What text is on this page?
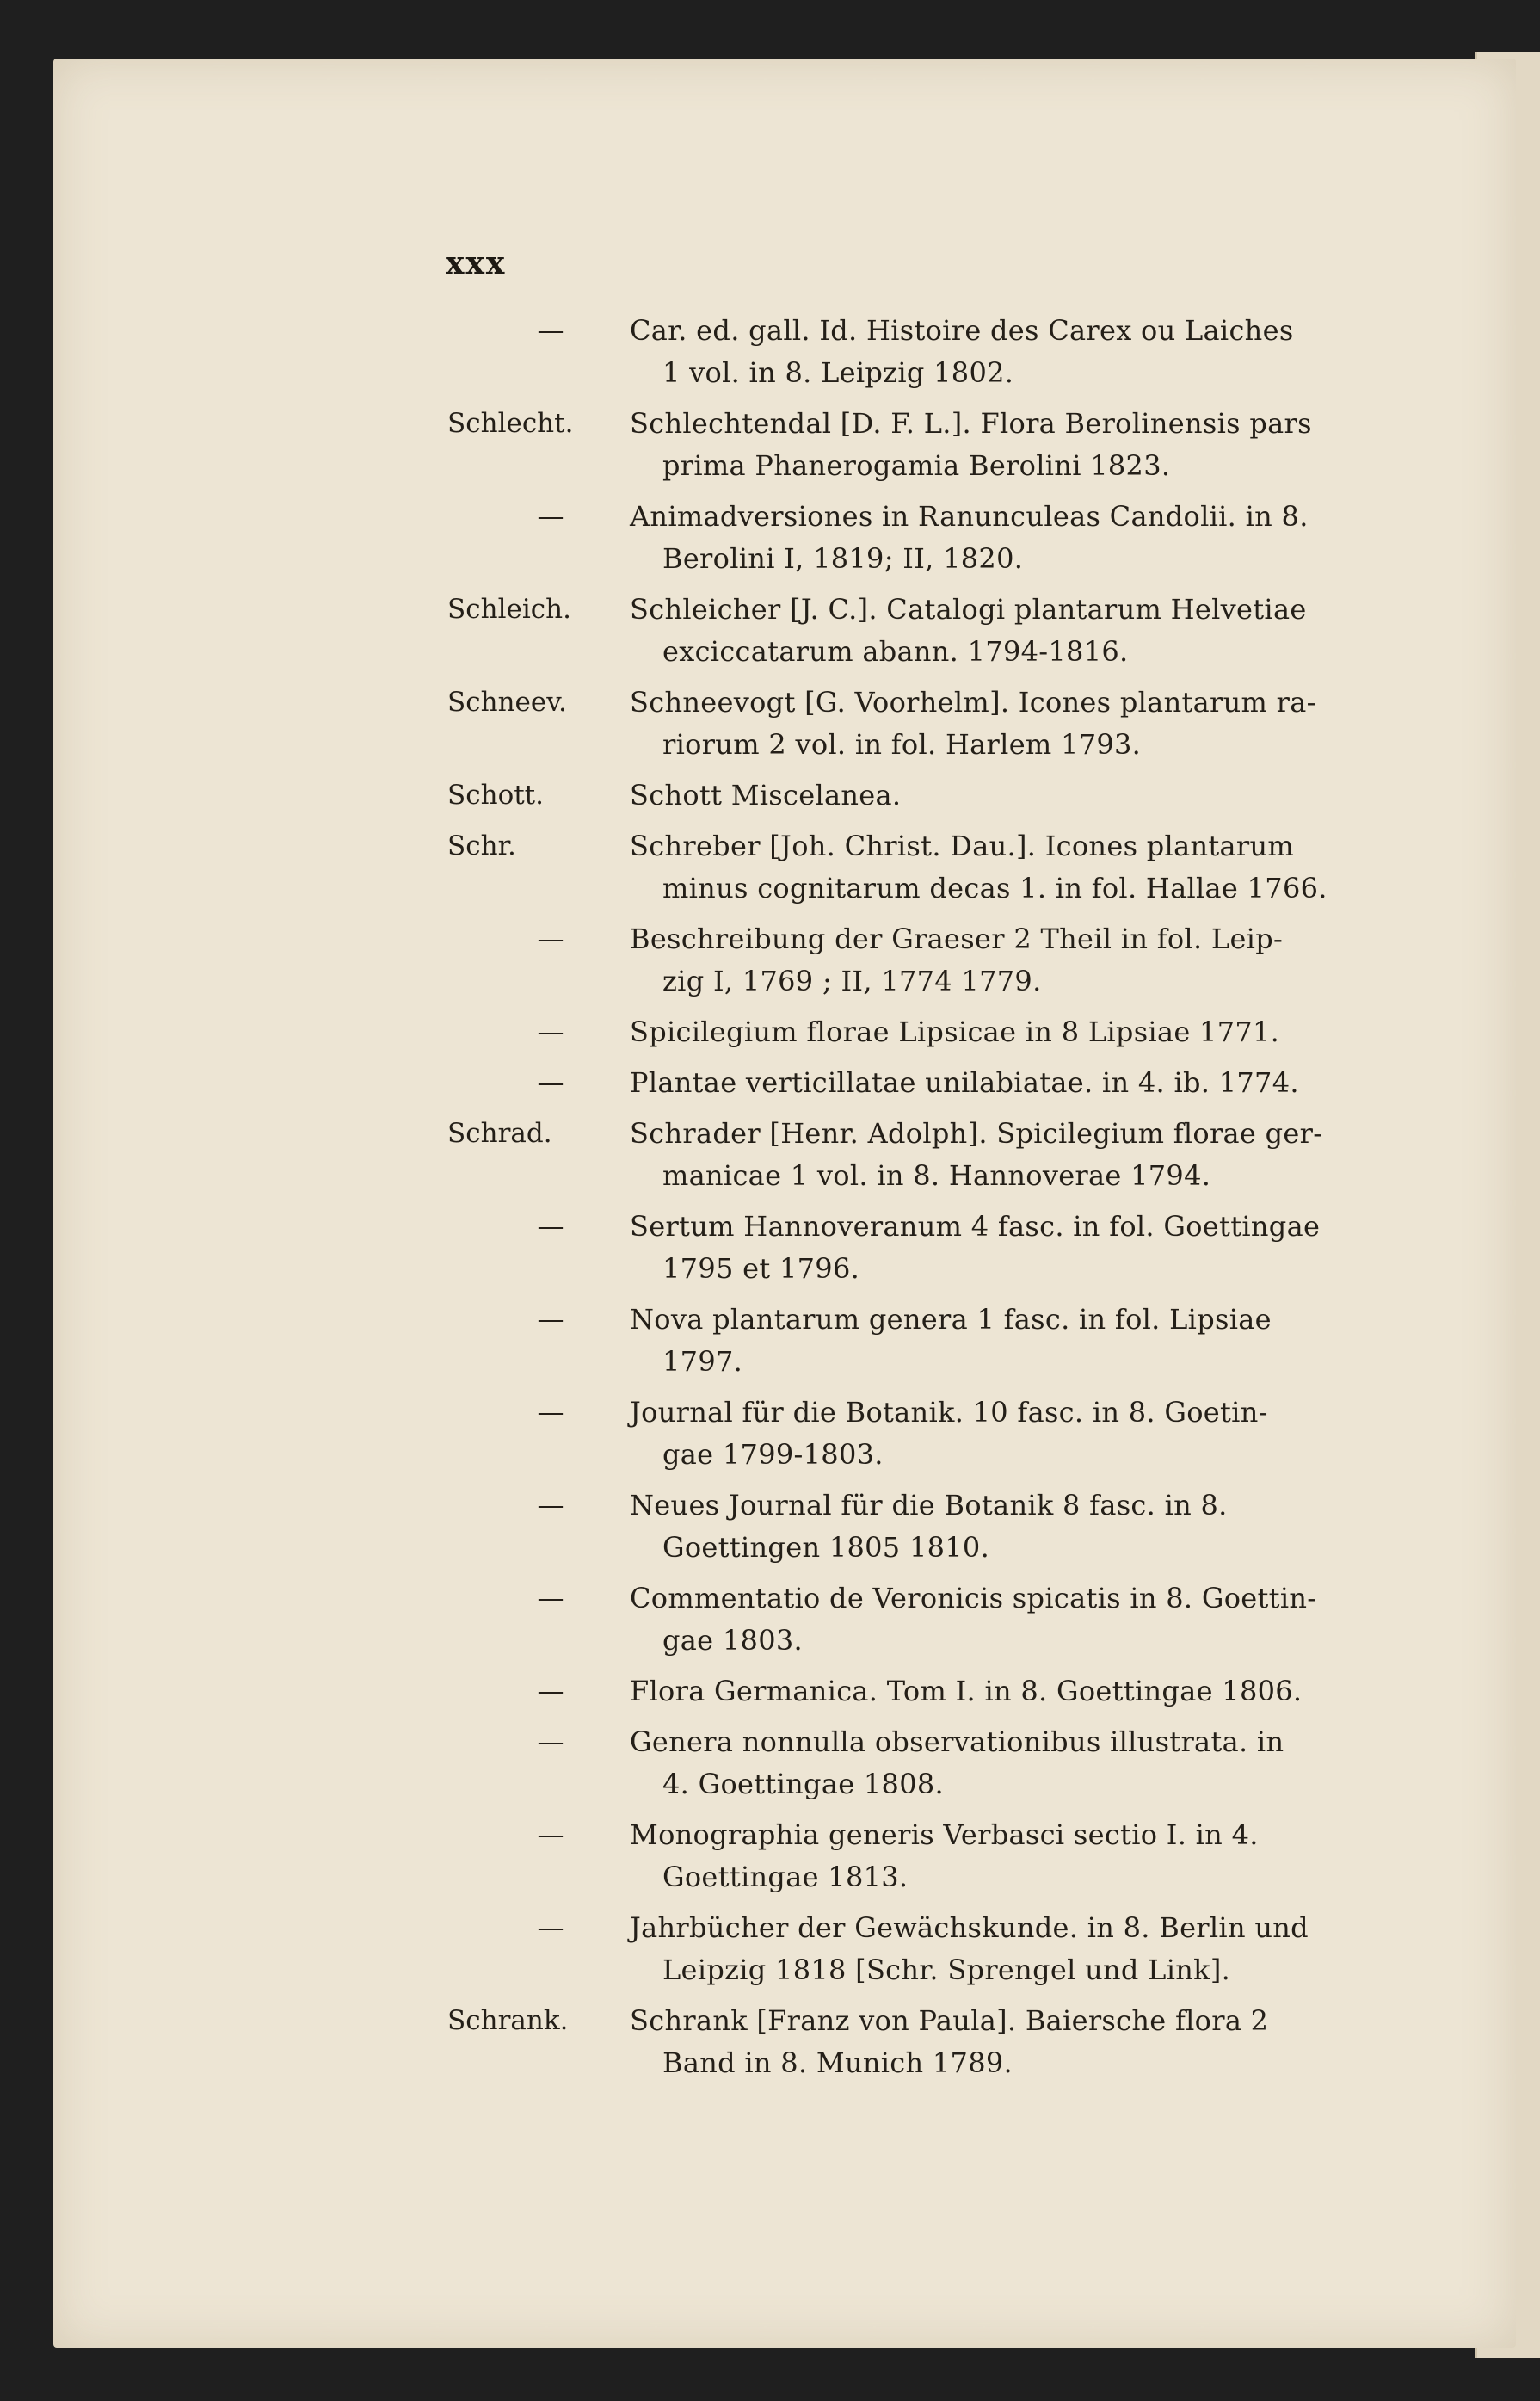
xxx
—	Car. ed. gall. Id. Histoire des Carex ou Laiches
1 vol. in 8. Leipzig 1802.
Schlecht.	Schlechtendal [D. F. L.]. Flora Berolinensis pars
prima Phanerogamia Berolini 1823.
—	Animadversiones in Ranunculeas Candolii. in 8.
Berolini I, 1819; II, 1820.
Schleich.	Schleicher [J. C.]. Catalogi plantarum Helvetiae
exciccatarum abann. 1794-1816.
Schneev.	Schneevogt [G. Voorhelm]. Icones plantarum ra-
riorum 2 vol. in fol. Harlem 1793.
Schott.	Schott Miscelanea.
Schr.	Schreber [Joh. Christ. Dau.]. Icones plantarum
minus cognitarum decas 1. in fol. Hallae 1766.
—	Beschreibung der Graeser 2 Theil in fol. Leip-
zig I, 1769 ; II, 1774 1779.
—	Spicilegium florae Lipsicae in 8 Lipsiae 1771.
—	Plantae verticillatae unilabiatae. in 4. ib. 1774.
Schrad.	Schrader [Henr. Adolph]. Spicilegium florae ger-
manicae 1 vol. in 8. Hannoverae 1794.
—	Sertum Hannoveranum 4 fasc. in fol. Goettingae
1795 et 1796.
—	Nova plantarum genera 1 fasc. in fol. Lipsiae
1797.
—	Journal für die Botanik. 10 fasc. in 8. Goetin-
gae 1799-1803.
—	Neues Journal für die Botanik 8 fasc. in 8.
Goettingen 1805 1810.
—	Commentatio de Veronicis spicatis in 8. Goettin-
gae 1803.
—	Flora Germanica. Tom I. in 8. Goettingae 1806.
—	Genera nonnulla observationibus illustrata. in
4. Goettingae 1808.
—	Monographia generis Verbasci sectio I. in 4.
Goettingae 1813.
—	Jahrbücher der Gewächskunde. in 8. Berlin und
Leipzig 1818 [Schr. Sprengel und Link].
Schrank.	Schrank [Franz von Paula]. Baiersche flora 2
Band in 8. Munich 1789.
